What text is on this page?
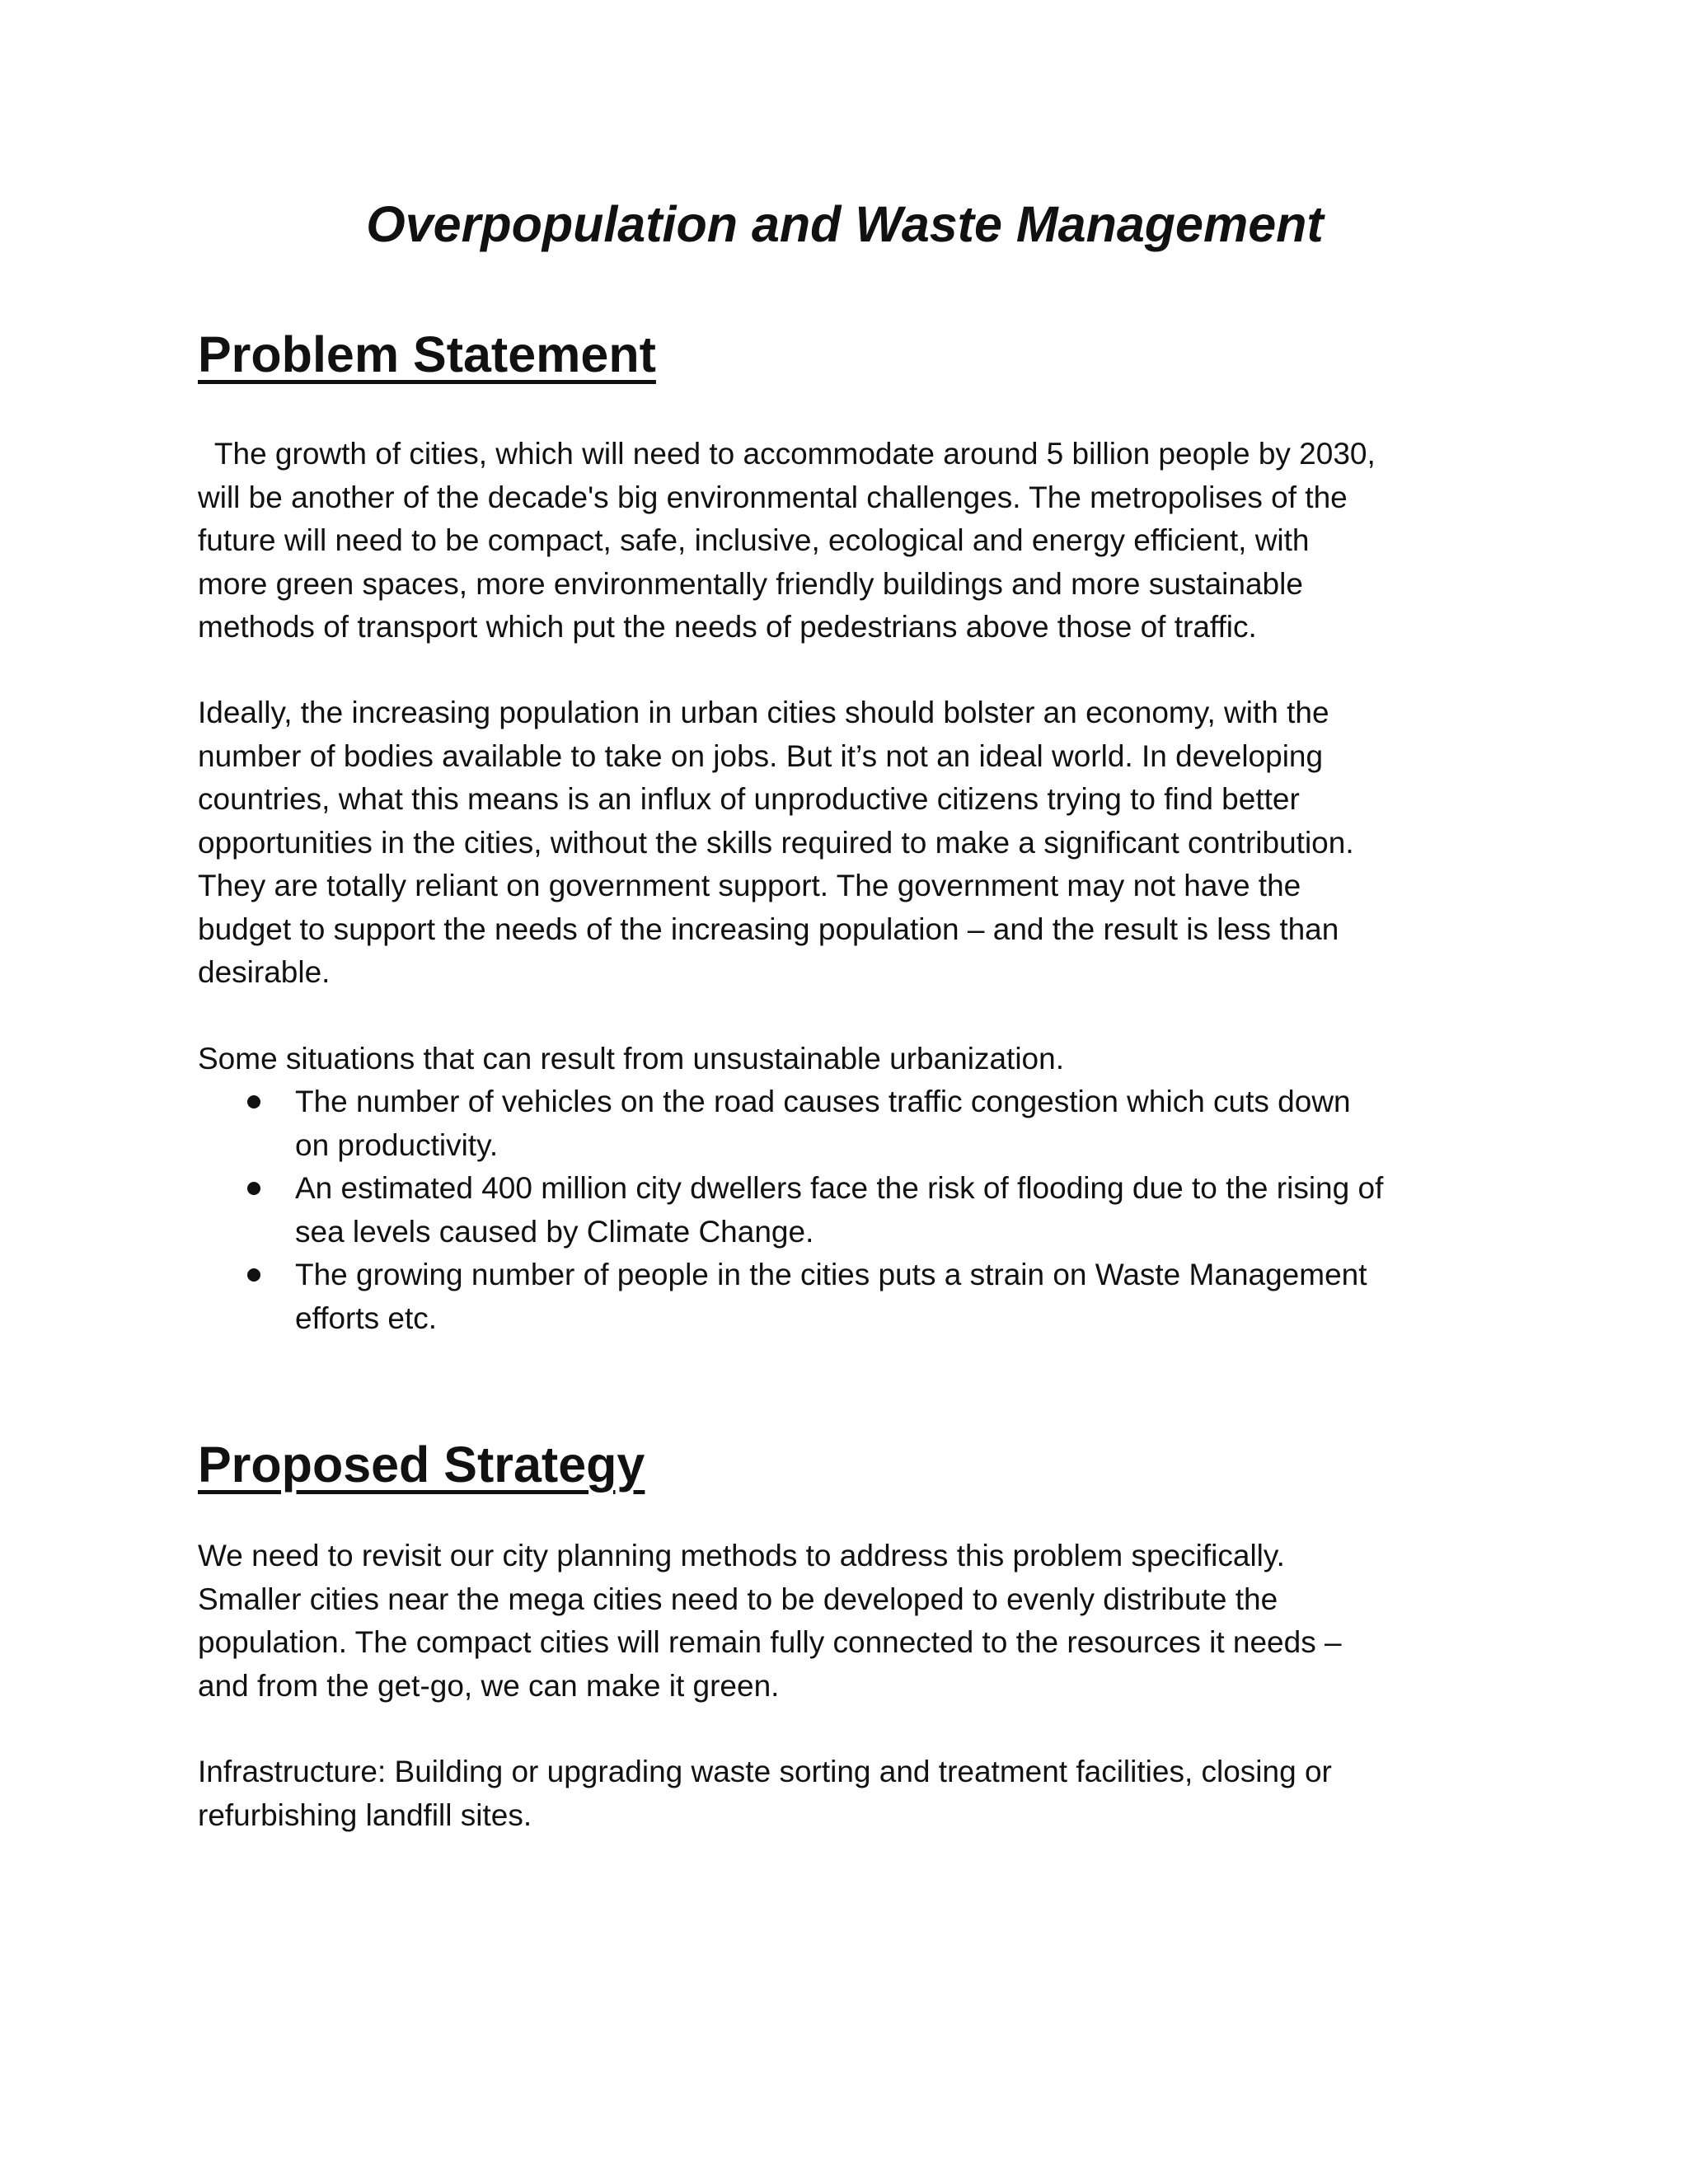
Overpopulation and Waste Management
Problem Statement

The growth of cities, which will need to accommodate around 5 billion people by 2030,
will be another of the decade's big environmental challenges. The metropolises of the
future will need to be compact, safe, inclusive, ecological and energy efficient, with
more green spaces, more environmentally friendly buildings and more sustainable
methods of transport which put the needs of pedestrians above those of traffic.

Ideally, the increasing population in urban cities should bolster an economy, with the
number of bodies available to take on jobs. But it’s not an ideal world. In developing
countries, what this means is an influx of unproductive citizens trying to find better
opportunities in the cities, without the skills required to make a significant contribution.
They are totally reliant on government support. The government may not have the
budget to support the needs of the increasing population – and the result is less than
desirable.

Some situations that can result from unsustainable urbanization.

The number of vehicles on the road causes traffic congestion which cuts down
on productivity.
An estimated 400 million city dwellers face the risk of flooding due to the rising of
sea levels caused by Climate Change.
The growing number of people in the cities puts a strain on Waste Management
efforts etc.
Proposed Strategy

We need to revisit our city planning methods to address this problem specifically.
Smaller cities near the mega cities need to be developed to evenly distribute the
population. The compact cities will remain fully connected to the resources it needs –
and from the get-go, we can make it green.

Infrastructure: Building or upgrading waste sorting and treatment facilities, closing or
refurbishing landfill sites.
